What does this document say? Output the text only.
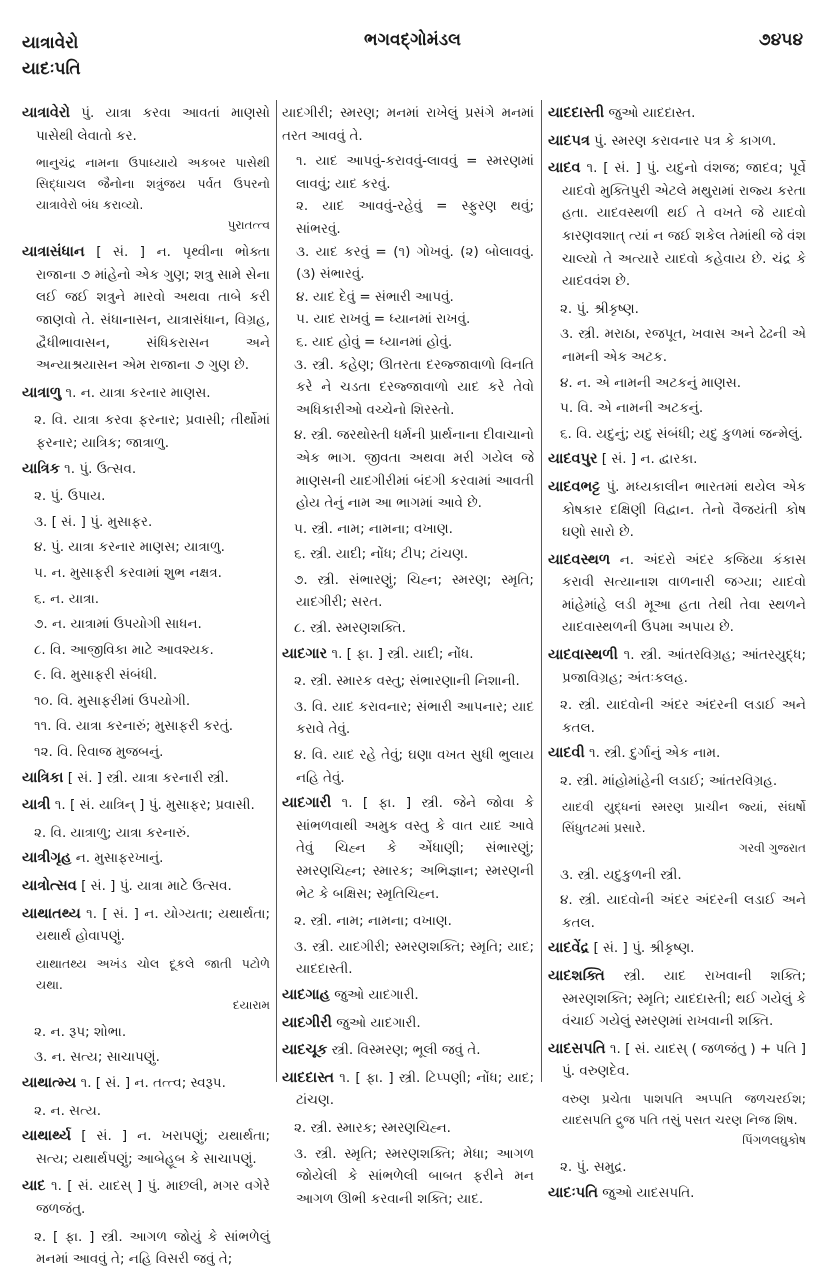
યાત્રાવેરો
યાદઃપતિ
ભગવદ્ગોમંડલ	૭૪૫૪
યાત્રાવેરો પું. યાત્રા કરવા આવતાં માણસો પાસેથી લેવાતો કર.
ભાનુચંદ્ર નામના ઉપાધ્યાયે અકબર પાસેથી સિદ્ધાચલ જૈનોના શત્રુંજય પર્વત ઉપરનો યાત્રાવેરો બંધ કરાવ્યો.
પુરાતત્ત્વ
યાત્રાસંધાન [ સં. ] ન. પૃથ્વીના ભોક્તા રાજાના ૭ માંહેનો એક ગુણ; શત્રુ સામે સેના લઈ જઈ શત્રુને મારવો અથવા તાબે કરી જાણવો તે. સંધાનાસન, યાત્રાસંધાન, વિગ્રહ, દ્વૈધીભાવાસન, સંધિકરાસન અને અન્યાશ્રયાસન એમ રાજાના ૭ ગુણ છે.
યાત્રાળુ ૧. ન. યાત્રા કરનાર માણસ.
૨. વિ. યાત્રા કરવા ફરનાર; પ્રવાસી; તીર્થોમાં ફરનાર; યાત્રિક; જાત્રાળુ.
યાત્રિક ૧. પું. ઉત્સવ.
૨. પું. ઉપાય.
૩. [ સં. ] પું. મુસાફર.
૪. પું. યાત્રા કરનાર માણસ; યાત્રાળુ.
૫. ન. મુસાફરી કરવામાં શુભ નક્ષત્ર.
૬. ન. યાત્રા.
૭. ન. યાત્રામાં ઉપયોગી સાધન.
૮. વિ. આજીવિકા માટે આવશ્યક.
૯. વિ. મુસાફરી સંબંધી.
૧૦. વિ. મુસાફરીમાં ઉપયોગી.
૧૧. વિ. યાત્રા કરનારું; મુસાફરી કરતું.
૧૨. વિ. રિવાજ મુજબનું.
યાત્રિકા [ સં. ] સ્ત્રી. યાત્રા કરનારી સ્ત્રી.
યાત્રી ૧. [ સં. યાત્રિન્ ] પું. મુસાફર; પ્રવાસી.
૨. વિ. યાત્રાળુ; યાત્રા કરનારું.
યાત્રીગૃહ ન. મુસાફરખાનું.
યાત્રોત્સવ [ સં. ] પું. યાત્રા માટે ઉત્સવ.
યાથાતથ્ય ૧. [ સં. ] ન. યોગ્યતા; યથાર્થતા; યથાર્થ હોવાપણું.
યાથાતથ્ય અખંડ ચોલ દૂકલે જાતી પટોળે યથા.
દયારામ
૨. ન. રૂપ; શોભા.
૩. ન. સત્ય; સાચાપણું.
યાથાત્મ્ય ૧. [ સં. ] ન. તત્ત્વ; સ્વરૂપ.
૨. ન. સત્ય.
યાથાર્થ્ય [ સં. ] ન. ખરાપણું; યથાર્થતા; સત્ય; યથાર્થપણું; આબેહૂબ કે સાચાપણું.
યાદ ૧. [ સં. યાદસ્ ] પું. માછલી, મગર વગેરે જળજંતુ.
૨. [ ફા. ] સ્ત્રી. આગળ જોયું કે સાંભળેલું મનમાં આવવું તે; નહિ વિસરી જવું તે;
યાદગીરી; સ્મરણ; મનમાં રાખેલું પ્રસંગે મનમાં તરત આવવું તે.
૧. યાદ આપવું-કરાવવું-લાવવું = સ્મરણમાં લાવવું; યાદ કરવું.
૨. યાદ આવવું-રહેવું = સ્ફુરણ થવું; સાંભરવું.
૩. યાદ કરવું = (૧) ગોખવું. (૨) બોલાવવું. (૩) સંભારવું.
૪. યાદ દેવું = સંભારી આપવું.
૫. યાદ રાખવું = ધ્યાનમાં રાખવું.
૬. યાદ હોવું = ધ્યાનમાં હોવું.
૩. સ્ત્રી. કહેણ; ઊતરતા દરજ્જાવાળો વિનતિ કરે ને ચડતા દરજ્જાવાળો યાદ કરે તેવો અધિકારીઓ વચ્ચેનો શિરસ્તો.
૪. સ્ત્રી. જરથોસ્તી ધર્મની પ્રાર્થનાના દીવાચાનો એક ભાગ. જીવતા અથવા મરી ગયેલ જે માણસની યાદગીરીમાં બંદગી કરવામાં આવતી હોય તેનું નામ આ ભાગમાં આવે છે.
૫. સ્ત્રી. નામ; નામના; વખાણ.
૬. સ્ત્રી. યાદી; નોંધ; ટીપ; ટાંચણ.
૭. સ્ત્રી. સંભારણું; ચિહ્ન; સ્મરણ; સ્મૃતિ; યાદગીરી; સરત.
૮. સ્ત્રી. સ્મરણશક્તિ.
યાદગાર ૧. [ ફા. ] સ્ત્રી. યાદી; નોંધ.
૨. સ્ત્રી. સ્મારક વસ્તુ; સંભારણાની નિશાની.
૩. વિ. યાદ કરાવનાર; સંભારી આપનાર; યાદ કરાવે તેવું.
૪. વિ. યાદ રહે તેવું; ઘણા વખત સુધી ભુલાય નહિ તેવું.
યાદગારી ૧. [ ફા. ] સ્ત્રી. જેને જોવા કે સાંભળવાથી અમુક વસ્તુ કે વાત યાદ આવે તેવું ચિહ્ન કે એંધાણી; સંભારણું; સ્મરણચિહ્ન; સ્મારક; અભિજ્ઞાન; સ્મરણની ભેટ કે બક્ષિસ; સ્મૃતિચિહ્ન.
૨. સ્ત્રી. નામ; નામના; વખાણ.
૩. સ્ત્રી. યાદગીરી; સ્મરણશક્તિ; સ્મૃતિ; યાદ; યાદદાસ્તી.
યાદગાહ જુઓ યાદગારી.
યાદગીરી જુઓ યાદગારી.
યાદચૂક સ્ત્રી. વિસ્મરણ; ભૂલી જવું તે.
યાદદાસ્ત ૧. [ ફા. ] સ્ત્રી. ટિપ્પણી; નોંધ; યાદ; ટાંચણ.
૨. સ્ત્રી. સ્મારક; સ્મરણચિહ્ન.
૩. સ્ત્રી. સ્મૃતિ; સ્મરણશક્તિ; મેધા; આગળ જોયેલી કે સાંભળેલી બાબત ફરીને મન આગળ ઊભી કરવાની શક્તિ; યાદ.
યાદદાસ્તી જુઓ યાદદાસ્ત.
યાદપત્ર પું. સ્મરણ કરાવનાર પત્ર કે કાગળ.
યાદવ ૧. [ સં. ] પું. યદુનો વંશજ; જાદવ; પૂર્વે યાદવો મુક્તિપુરી એટલે મથુરામાં રાજ્ય કરતા હતા. યાદવસ્થળી થઈ તે વખતે જે યાદવો કારણવશાત્ ત્યાં ન જઈ શકેલ તેમાંથી જે વંશ ચાલ્યો તે અત્યારે યાદવો કહેવાય છે. ચંદ્ર કે યાદવવંશ છે.
૨. પું. શ્રીકૃષ્ણ.
૩. સ્ત્રી. મરાઠા, રજપૂત, ખવાસ અને ઢેઢની એ નામની એક અટક.
૪. ન. એ નામની અટકનું માણસ.
૫. વિ. એ નામની અટકનું.
૬. વિ. યદુનું; યદુ સંબંધી; યદુ કુળમાં જન્મેલું.
યાદવપુર [ સં. ] ન. દ્વારકા.
યાદવભટ્ટ પું. મધ્યકાલીન ભારતમાં થયેલ એક કોષકાર દક્ષિણી વિદ્વાન. તેનો વૈજયંતી કોષ ઘણો સારો છે.
યાદવસ્થળ ન. અંદરો અંદર કજિયા કંકાસ કરાવી સત્યાનાશ વાળનારી જગ્યા; યાદવો માંહેમાંહે લડી મૂઆ હતા તેથી તેવા સ્થળને યાદવાસ્થળની ઉપમા અપાય છે.
યાદવાસ્થળી ૧. સ્ત્રી. આંતરવિગ્રહ; આંતરયુદ્ધ; પ્રજાવિગ્રહ; અંતઃકલહ.
૨. સ્ત્રી. યાદવોની અંદર અંદરની લડાઈ અને કતલ.
યાદવી ૧. સ્ત્રી. દુર્ગાનું એક નામ.
૨. સ્ત્રી. માંહોમાંહેની લડાઈ; આંતરવિગ્રહ.
યાદવી યુદ્ધનાં સ્મરણ પ્રાચીન જ્યાં, સંઘર્ષો સિંધુતટમાં પ્રસારે.
ગરવી ગુજરાત
૩. સ્ત્રી. યદુકુળની સ્ત્રી.
૪. સ્ત્રી. યાદવોની અંદર અંદરની લડાઈ અને કતલ.
યાદવેંદ્ર [ સં. ] પું. શ્રીકૃષ્ણ.
યાદશક્તિ સ્ત્રી. યાદ રાખવાની શક્તિ; સ્મરણશક્તિ; સ્મૃતિ; યાદદાસ્તી; થઈ ગયેલું કે વંચાઈ ગયેલું સ્મરણમાં રાખવાની શક્તિ.
યાદસપતિ ૧. [ સં. યાદસ્ ( જળજંતુ ) + પતિ ] પું. વરુણદેવ.
વરુણ પ્રચેતા પાશપતિ અપ્પતિ જળચરઈશ; યાદસપતિ દ્રુજ પતિ તસું પસત ચરણ નિજ શિષ.
પિંગળલઘુકોષ
૨. પું. સમુદ્ર.
યાદઃપતિ જુઓ યાદસપતિ.
